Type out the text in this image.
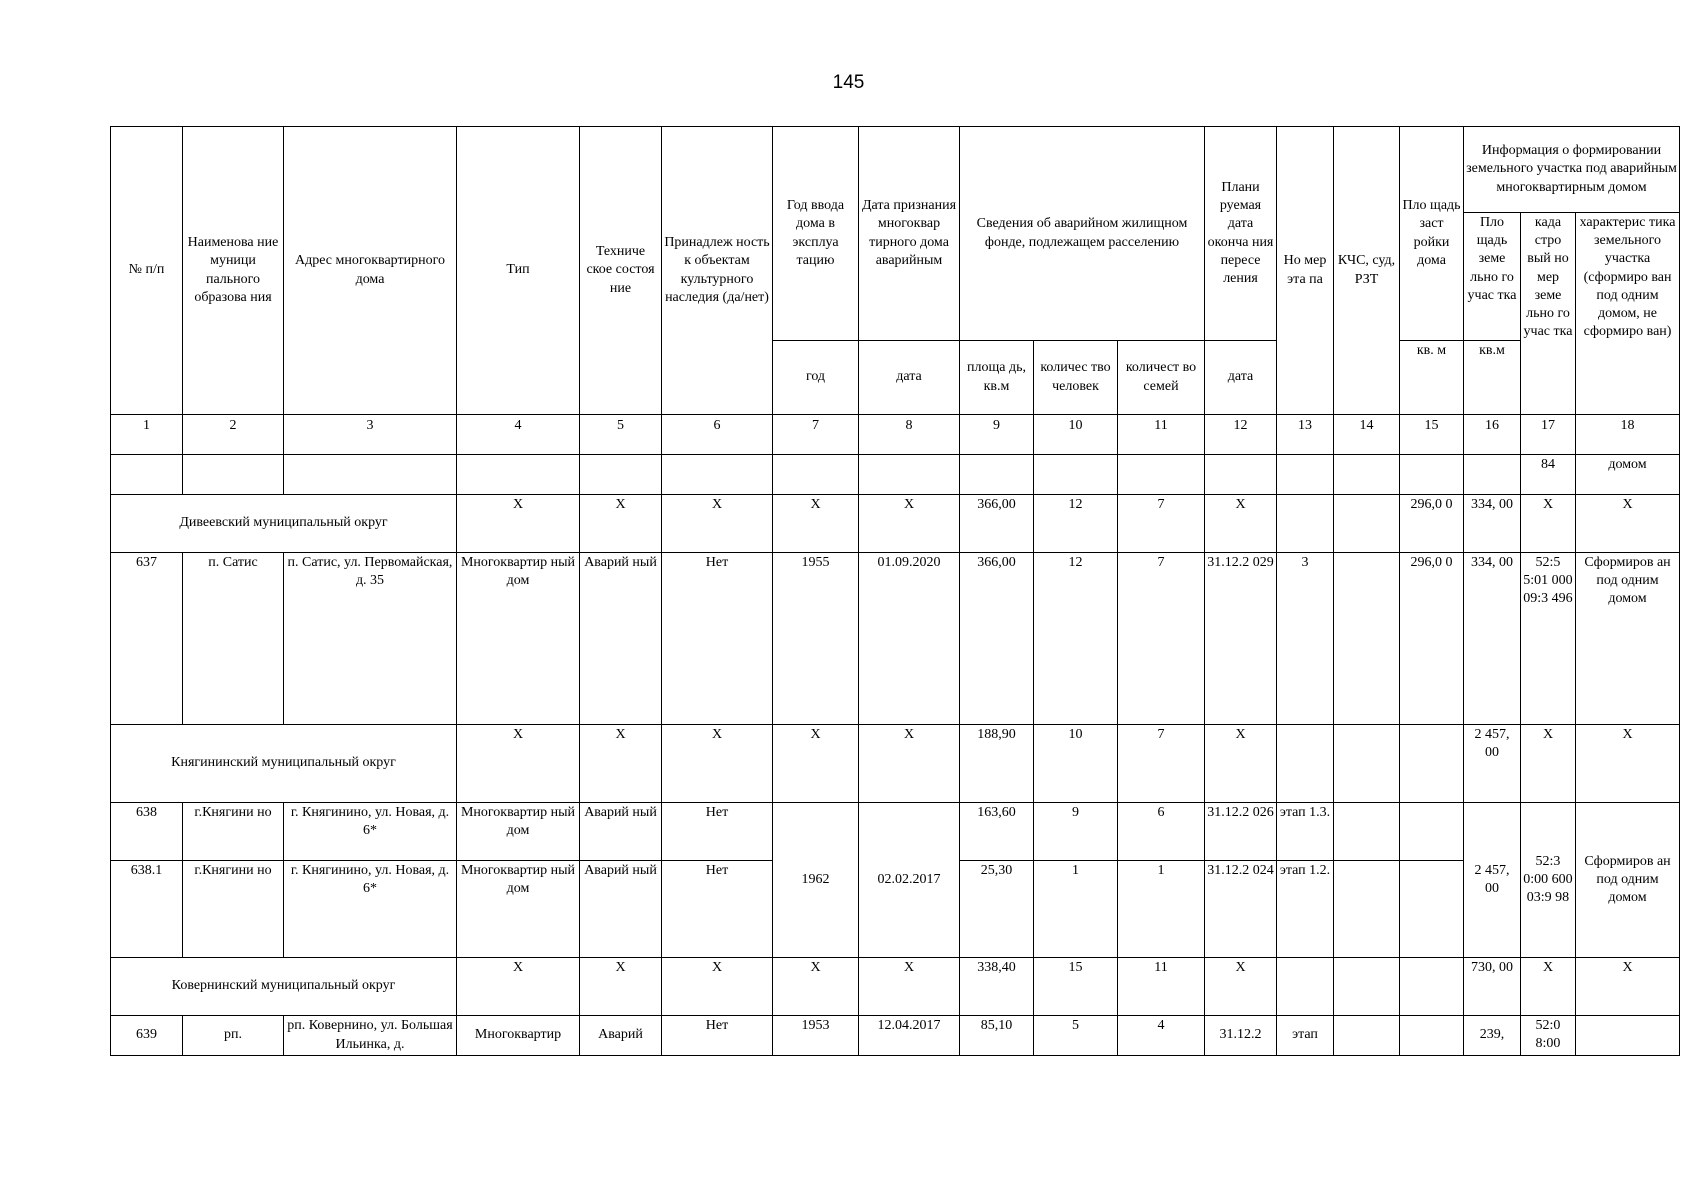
145
№ п/п	Наименова ние муници пального образова ния	Адрес многоквартирного дома	Тип	Техниче ское состоя ние	Принадлеж ность к объектам культурного наследия (да/нет)	Год ввода дома в эксплуа тацию	Дата признания многоквар тирного дома аварийным	Сведения об аварийном жилищном фонде, подлежащем расселению			Плани руемая дата оконча ния пересе ления	Но мер эта па	КЧС, суд, РЗТ	Пло щадь заст ройки дома	Информация о формировании земельного участка под аварийным многоквартирным домом		
															Пло щадь земе льно го учас тка	када стро вый но мер земе льно го учас тка	характерис тика земельного участка (сформиро ван под одним домом, не сформиро ван)
						год	дата	площа дь, кв.м	количес тво человек	количест во семей	дата			кв. м	кв.м		
1	2	3	4	5	6	7	8	9	10	11	12	13	14	15	16	17	18
																84	домом
Дивеевский муниципальный округ			X	X	X	X	X	366,00	12	7	X			296,0 0	334, 00	X	X
637	п. Сатис	п. Сатис, ул. Первомайская, д. 35	Многоквартир ный дом	Аварий ный	Нет	1955	01.09.2020	366,00	12	7	31.12.2 029	3		296,0 0	334, 00	52:5 5:01 000 09:3 496	Сформиров ан под одним домом
Княгининский муниципальный округ			X	X	X	X	X	188,90	10	7	X				2 457, 00	X	X
638	г.Княгини но	г. Княгинино, ул. Новая, д. 6*	Многоквартир ный дом	Аварий ный	Нет	1962	02.02.2017	163,60	9	6	31.12.2 026	этап 1.3.			2 457, 00	52:3 0:00 600 03:9 98	Сформиров ан под одним домом
638.1	г.Княгини но	г. Княгинино, ул. Новая, д. 6*	Многоквартир ный дом	Аварий ный	Нет			25,30	1	1	31.12.2 024	этап 1.2.					
Ковернинский муниципальный округ			X	X	X	X	X	338,40	15	11	X				730, 00	X	X
639	рп.	рп. Ковернино, ул. Большая Ильинка, д.	Многоквартир	Аварий	Нет	1953	12.04.2017	85,10	5	4	31.12.2	этап			239,	52:0 8:00	
